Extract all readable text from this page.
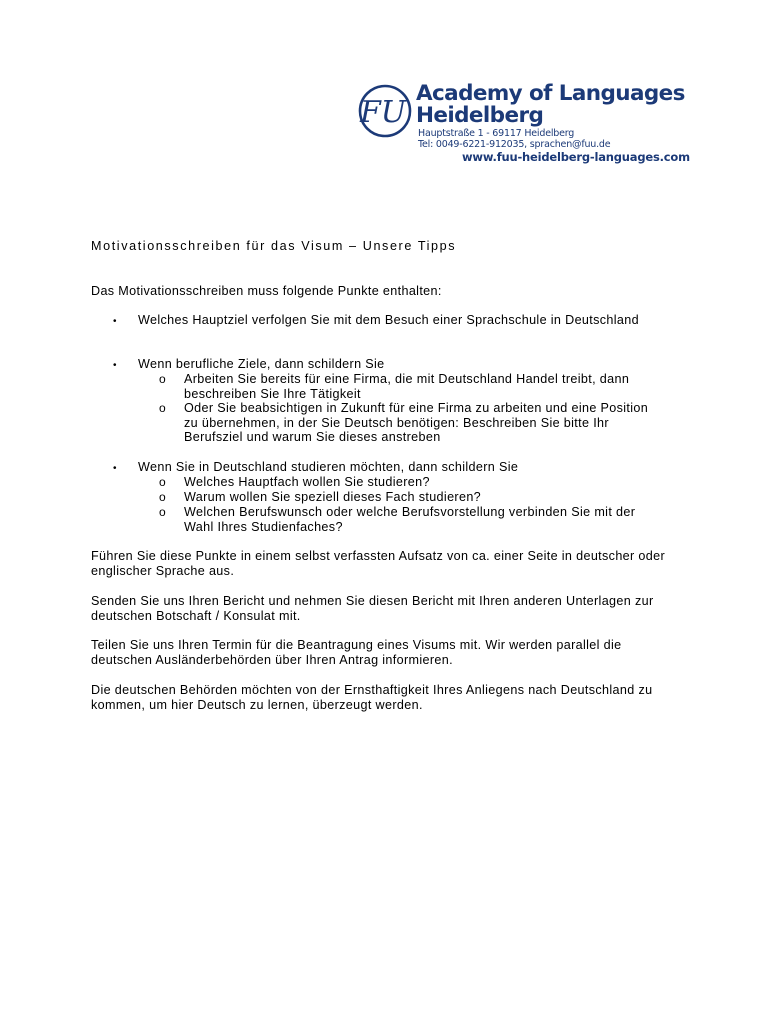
FU
Academy of Languages
Heidelberg
Hauptstraße 1 - 69117 Heidelberg
Tel: 0049-6221-912035, sprachen@fuu.de
www.fuu-heidelberg-languages.com
Motivationsschreiben für das Visum – Unsere Tipps
Das Motivationsschreiben muss folgende Punkte enthalten:
•	Welches Hauptziel verfolgen Sie mit dem Besuch einer Sprachschule in Deutschland

•	Wenn berufliche Ziele, dann schildern Sie

o	Arbeiten Sie bereits für eine Firma, die mit Deutschland Handel treibt, dann beschreiben Sie Ihre Tätigkeit

o	Oder Sie beabsichtigen in Zukunft für eine Firma zu arbeiten und eine Position zu übernehmen, in der Sie Deutsch benötigen: Beschreiben Sie bitte Ihr Berufsziel und warum Sie dieses anstreben

•	Wenn Sie in Deutschland studieren möchten, dann schildern Sie

o	Welches Hauptfach wollen Sie studieren?

o	Warum wollen Sie speziell dieses Fach studieren?

o	Welchen Berufswunsch oder welche Berufsvorstellung verbinden Sie mit der Wahl Ihres Studienfaches?

Führen Sie diese Punkte in einem selbst verfassten Aufsatz von ca. einer Seite in deutscher oder englischer Sprache aus.

Senden Sie uns Ihren Bericht und nehmen Sie diesen Bericht mit Ihren anderen Unterlagen zur deutschen Botschaft / Konsulat mit.

Teilen Sie uns Ihren Termin für die Beantragung eines Visums mit. Wir werden parallel die deutschen Ausländerbehörden über Ihren Antrag informieren.

Die deutschen Behörden möchten von der Ernsthaftigkeit Ihres Anliegens nach Deutschland zu kommen, um hier Deutsch zu lernen, überzeugt werden.
